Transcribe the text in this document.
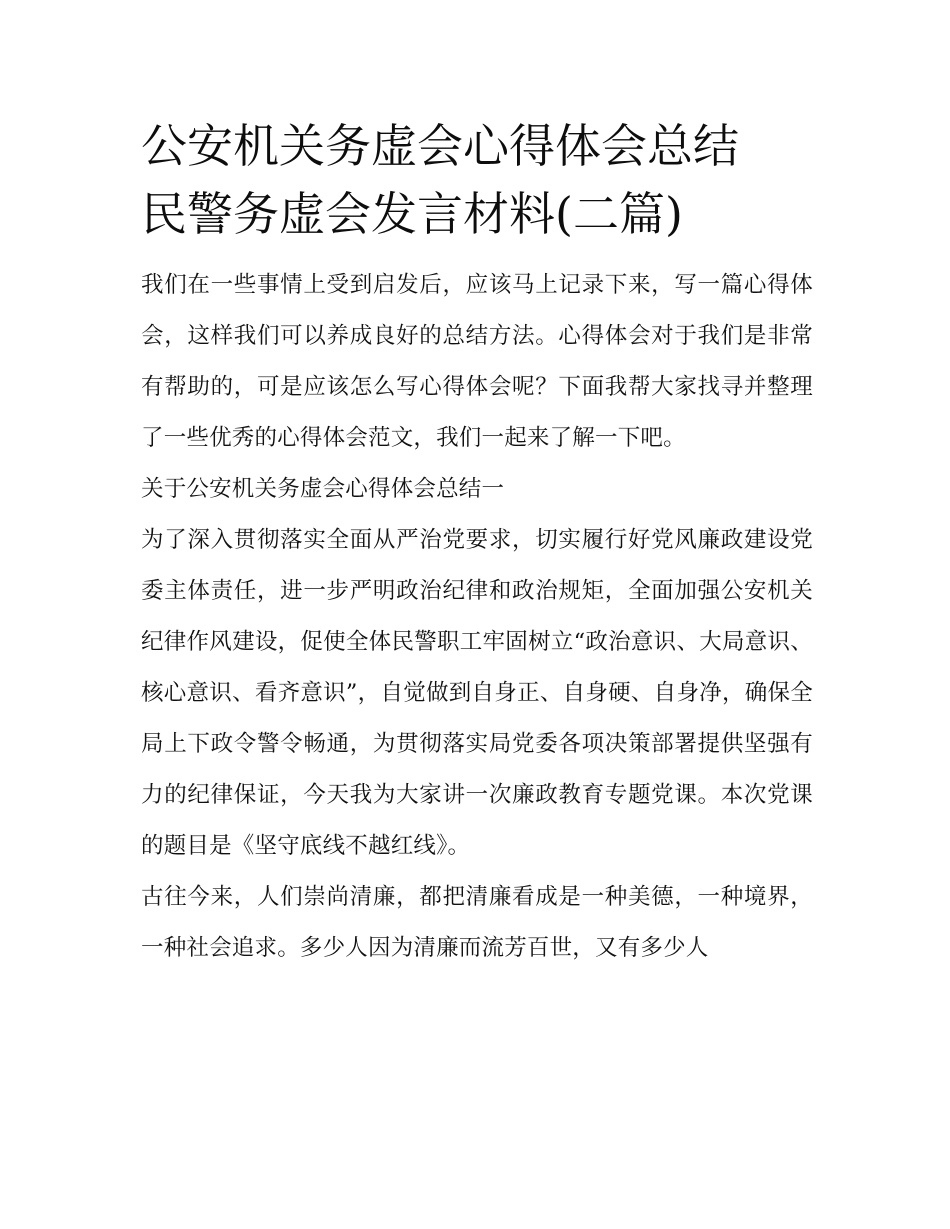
公安机关务虚会心得体会总结
民警务虚会发言材料(二篇)

我们在一些事情上受到启发后，应该马上记录下来，写一篇心得体会，这样我们可以养成良好的总结方法。心得体会对于我们是非常有帮助的，可是应该怎么写心得体会呢？下面我帮大家找寻并整理了一些优秀的心得体会范文，我们一起来了解一下吧。

关于公安机关务虚会心得体会总结一

为了深入贯彻落实全面从严治党要求，切实履行好党风廉政建设党委主体责任，进一步严明政治纪律和政治规矩，全面加强公安机关纪律作风建设，促使全体民警职工牢固树立“政治意识、大局意识、核心意识、看齐意识”，自觉做到自身正、自身硬、自身净，确保全局上下政令警令畅通，为贯彻落实局党委各项决策部署提供坚强有力的纪律保证，今天我为大家讲一次廉政教育专题党课。本次党课的题目是《坚守底线不越红线》。

古往今来，人们崇尚清廉，都把清廉看成是一种美德，一种境界，一种社会追求。多少人因为清廉而流芳百世，又有多少人
